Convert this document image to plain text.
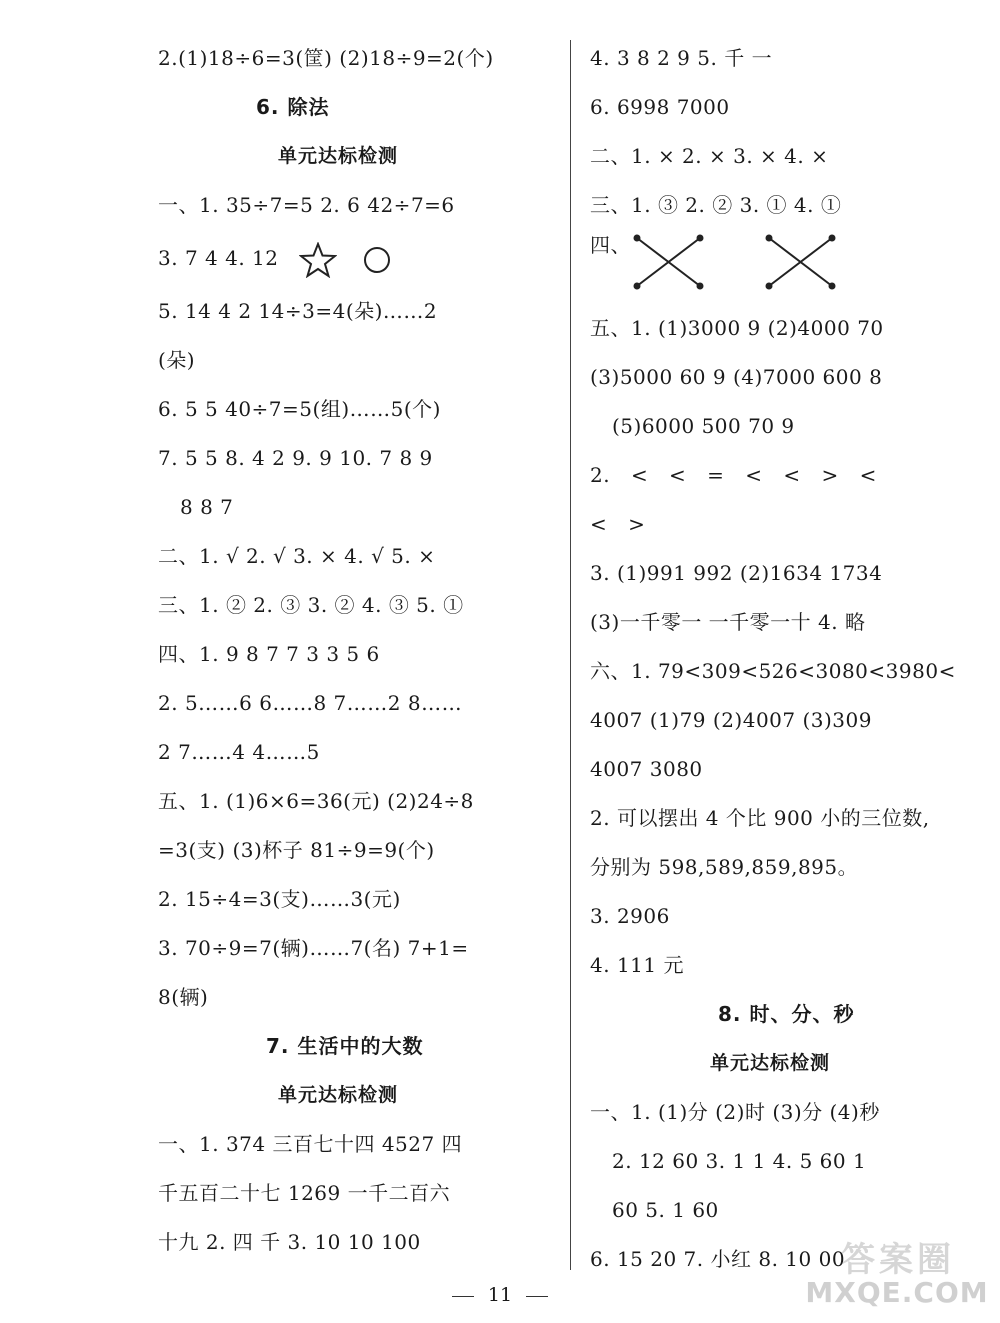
2.(1)18÷6=3(筐) (2)18÷9=2(个)
6. 除法
单元达标检测
一、1. 35÷7=5 2. 6 42÷7=6
3. 7 4 4. 12
5. 14 4 2 14÷3=4(朵)……2
(朵)
6. 5 5 40÷7=5(组)……5(个)
7. 5 5 8. 4 2 9. 9 10. 7 8 9
8 8 7
二、1. √ 2. √ 3. × 4. √ 5. ×
三、1. ② 2. ③ 3. ② 4. ③ 5. ①
四、1. 9 8 7 7 3 3 5 6
2. 5……6 6……8 7……2 8……
2 7……4 4……5
五、1. (1)6×6=36(元) (2)24÷8
=3(支) (3)杯子 81÷9=9(个)
2. 15÷4=3(支)……3(元)
3. 70÷9=7(辆)……7(名) 7+1=
8(辆)
7. 生活中的大数
单元达标检测
一、1. 374 三百七十四 4527 四
千五百二十七 1269 一千二百六
十九 2. 四 千 3. 10 10 100
4. 3 8 2 9 5. 千 一
6. 6998 7000
二、1. × 2. × 3. × 4. ×
三、1. ③ 2. ② 3. ① 4. ①
四、
五、1. (1)3000 9 (2)4000 70
(3)5000 60 9 (4)7000 600 8
(5)6000 500 70 9
2. < < = < < > <
< >
3. (1)991 992 (2)1634 1734
(3)一千零一 一千零一十 4. 略
六、1. 79<309<526<3080<3980<
4007 (1)79 (2)4007 (3)309
4007 3080
2. 可以摆出 4 个比 900 小的三位数,
分别为 598,589,859,895。
3. 2906
4. 111 元
8. 时、分、秒
单元达标检测
一、1. (1)分 (2)时 (3)分 (4)秒
2. 12 60 3. 1 1 4. 5 60 1
60 5. 1 60
6. 15 20 7. 小红 8. 10 00
11
答案圈
MXQE.COM
